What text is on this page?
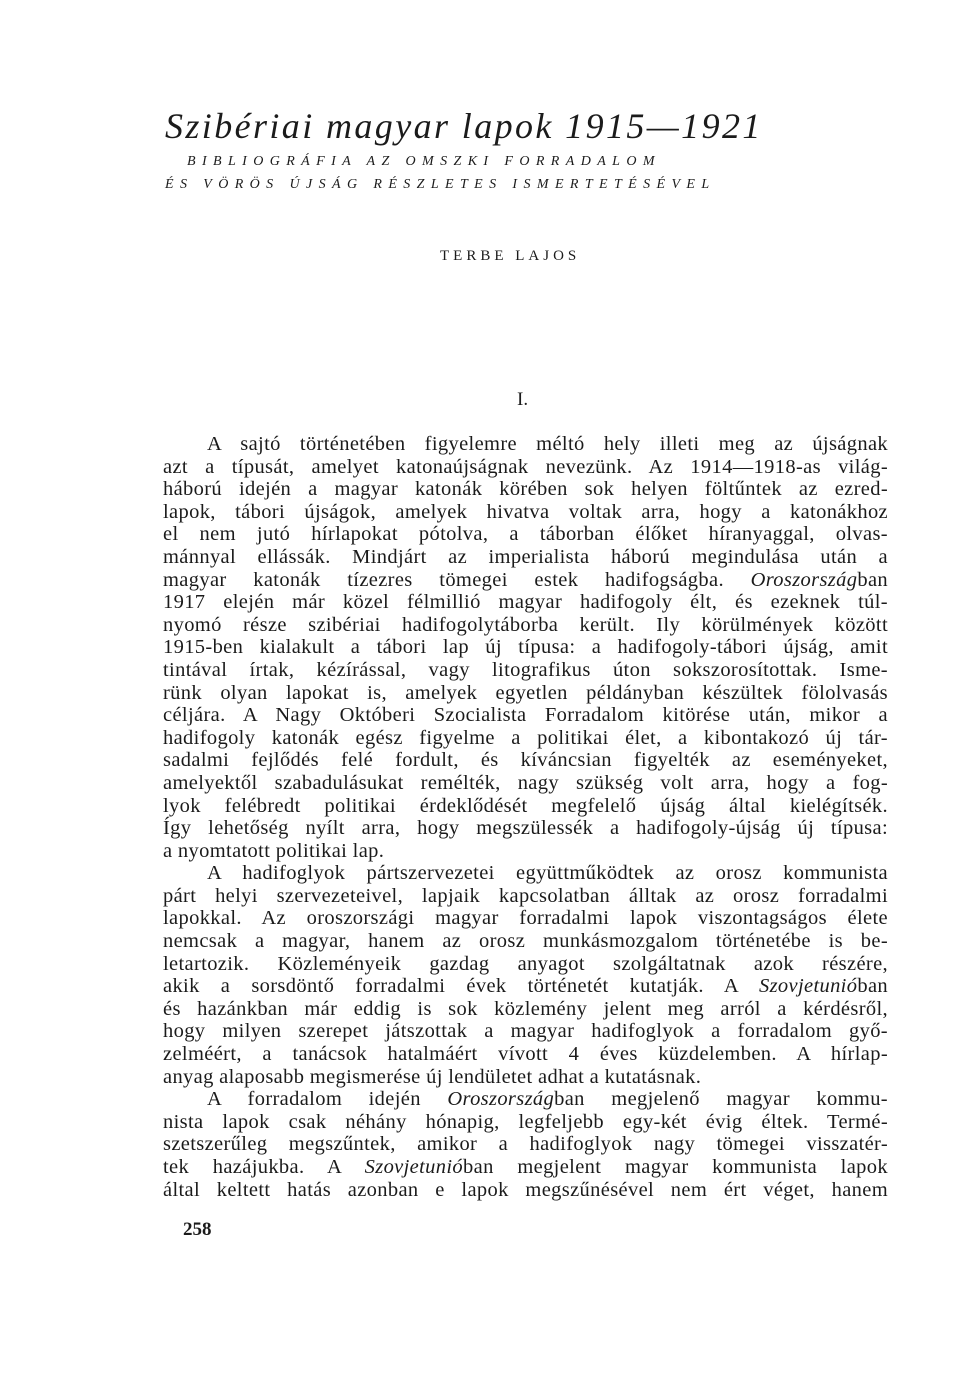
Szibériai magyar lapok 1915—1921
BIBLIOGRÁFIA AZ OMSZKI FORRADALOM
ÉS VÖRÖS ÚJSÁG RÉSZLETES ISMERTETÉSÉVEL
TERBE LAJOS
I.
A sajtó történetében figyelemre méltó hely illeti meg az újságnak
azt a típusát, amelyet katonaújságnak nevezünk. Az 1914—1918-as világ-
háború idején a magyar katonák körében sok helyen föltűntek az ezred-
lapok, tábori újságok, amelyek hivatva voltak arra, hogy a katonákhoz
el nem jutó hírlapokat pótolva, a táborban élőket híranyaggal, olvas-
mánnyal ellássák. Mindjárt az imperialista háború megindulása után a
magyar katonák tízezres tömegei estek hadifogságba. Oroszországban
1917 elején már közel félmillió magyar hadifogoly élt, és ezeknek túl-
nyomó része szibériai hadifogolytáborba került. Ily körülmények között
1915-ben kialakult a tábori lap új típusa: a hadifogoly-tábori újság, amit
tintával írtak, kézírással, vagy litografikus úton sokszorosítottak. Isme-
rünk olyan lapokat is, amelyek egyetlen példányban készültek fölolvasás
céljára. A Nagy Októberi Szocialista Forradalom kitörése után, mikor a
hadifogoly katonák egész figyelme a politikai élet, a kibontakozó új tár-
sadalmi fejlődés felé fordult, és kíváncsian figyelték az eseményeket,
amelyektől szabadulásukat remélték, nagy szükség volt arra, hogy a fog-
lyok felébredt politikai érdeklődését megfelelő újság által kielégítsék.
Így lehetőség nyílt arra, hogy megszülessék a hadifogoly-újság új típusa:
a nyomtatott politikai lap.
A hadifoglyok pártszervezetei együttműködtek az orosz kommunista
párt helyi szervezeteivel, lapjaik kapcsolatban álltak az orosz forradalmi
lapokkal. Az oroszországi magyar forradalmi lapok viszontagságos élete
nemcsak a magyar, hanem az orosz munkásmozgalom történetébe is be-
letartozik. Közleményeik gazdag anyagot szolgáltatnak azok részére,
akik a sorsdöntő forradalmi évek történetét kutatják. A Szovjetunióban
és hazánkban már eddig is sok közlemény jelent meg arról a kérdésről,
hogy milyen szerepet játszottak a magyar hadifoglyok a forradalom győ-
zelméért, a tanácsok hatalmáért vívott 4 éves küzdelemben. A hírlap-
anyag alaposabb megismerése új lendületet adhat a kutatásnak.
A forradalom idején Oroszországban megjelenő magyar kommu-
nista lapok csak néhány hónapig, legfeljebb egy-két évig éltek. Termé-
szetszerűleg megszűntek, amikor a hadifoglyok nagy tömegei visszatér-
tek hazájukba. A Szovjetunióban megjelent magyar kommunista lapok
által keltett hatás azonban e lapok megszűnésével nem ért véget, hanem
258
